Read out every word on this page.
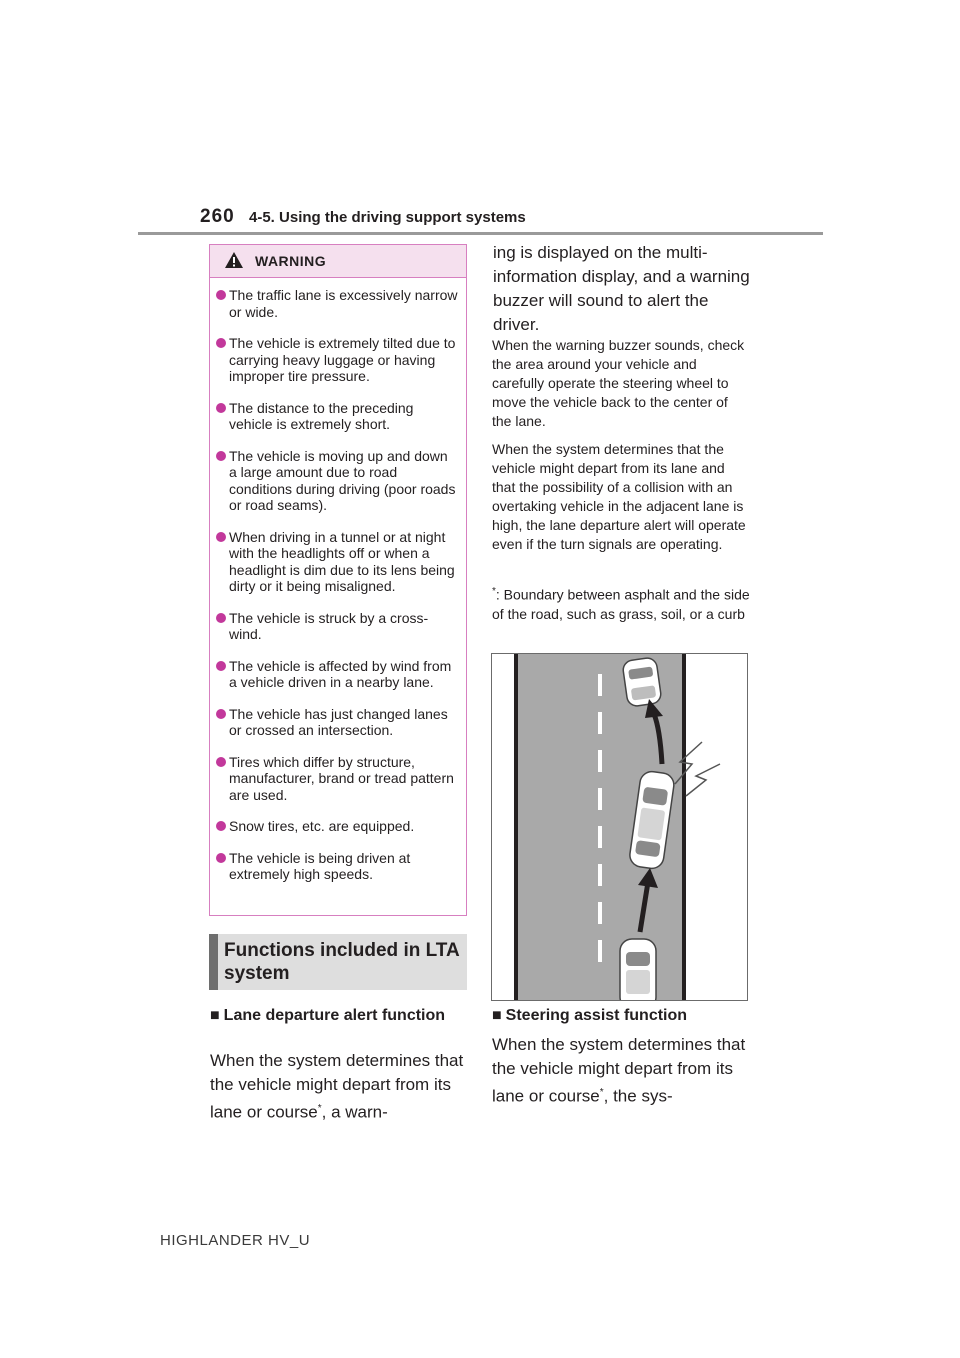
260 4-5. Using the driving support systems
WARNING
The traffic lane is excessively narrow or wide.
The vehicle is extremely tilted due to carrying heavy luggage or having improper tire pressure.
The distance to the preceding vehicle is extremely short.
The vehicle is moving up and down a large amount due to road conditions during driving (poor roads or road seams).
When driving in a tunnel or at night with the headlights off or when a headlight is dim due to its lens being dirty or it being misaligned.
The vehicle is struck by a cross-wind.
The vehicle is affected by wind from a vehicle driven in a nearby lane.
The vehicle has just changed lanes or crossed an intersection.
Tires which differ by structure, manufacturer, brand or tread pattern are used.
Snow tires, etc. are equipped.
The vehicle is being driven at extremely high speeds.
Functions included in LTA system
■ Lane departure alert function
When the system determines that the vehicle might depart from its lane or course*, a warn-
ing is displayed on the multi-information display, and a warning buzzer will sound to alert the driver.
When the warning buzzer sounds, check the area around your vehicle and carefully operate the steering wheel to move the vehicle back to the center of the lane.
When the system determines that the vehicle might depart from its lane and that the possibility of a collision with an overtaking vehicle in the adjacent lane is high, the lane departure alert will operate even if the turn signals are operating.
*: Boundary between asphalt and the side of the road, such as grass, soil, or a curb
■ Steering assist function
When the system determines that the vehicle might depart from its lane or course*, the sys-
HIGHLANDER HV_U
